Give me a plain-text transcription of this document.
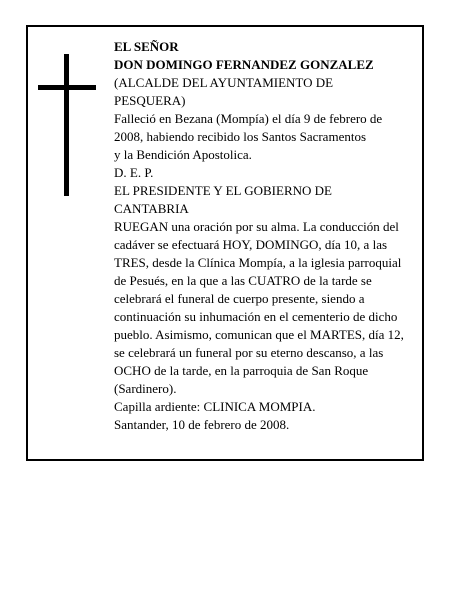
EL SEÑOR
DON DOMINGO FERNANDEZ GONZALEZ
(ALCALDE DEL AYUNTAMIENTO DE
PESQUERA)
Falleció en Bezana (Mompía) el día 9 de febrero de
2008, habiendo recibido los Santos Sacramentos
y la Bendición Apostolica.
D. E. P.
EL PRESIDENTE Y EL GOBIERNO DE
CANTABRIA
RUEGAN una oración por su alma. La conducción del
cadáver se efectuará HOY, DOMINGO, día 10, a las
TRES, desde la Clínica Mompía, a la iglesia parroquial
de Pesués, en la que a las CUATRO de la tarde se
celebrará el funeral de cuerpo presente, siendo a
continuación su inhumación en el cementerio de dicho
pueblo. Asimismo, comunican que el MARTES, día 12,
se celebrará un funeral por su eterno descanso, a las
OCHO de la tarde, en la parroquia de San Roque
(Sardinero).
Capilla ardiente: CLINICA MOMPIA.
Santander, 10 de febrero de 2008.
